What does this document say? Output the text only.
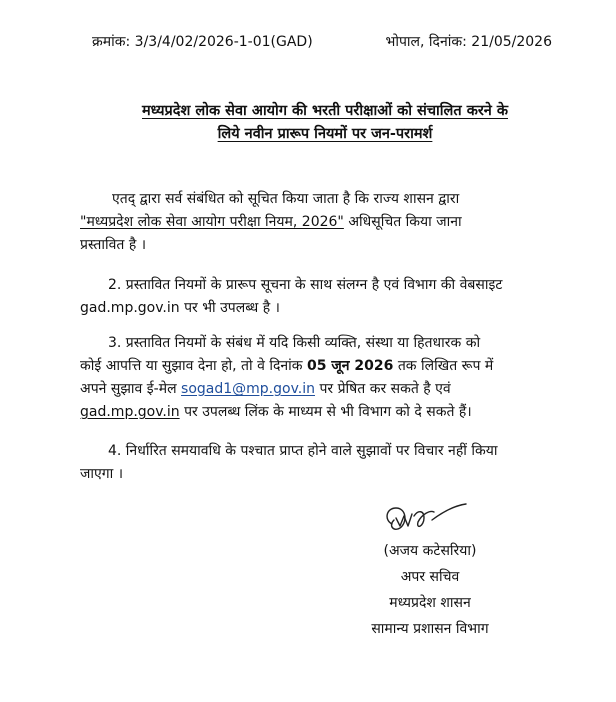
क्रमांक: 3/3/4/02/2026-1-01(GAD)	भोपाल, दिनांक: 21/05/2026
मध्यप्रदेश लोक सेवा आयोग की भरती परीक्षाओं को संचालित करने के
लिये नवीन प्रारूप नियमों पर जन-परामर्श
एतद् द्वारा सर्व संबंधित को सूचित किया जाता है कि राज्य शासन द्वारा
"मध्यप्रदेश लोक सेवा आयोग परीक्षा नियम, 2026" अधिसूचित किया जाना
प्रस्तावित है ।
2. प्रस्तावित नियमों के प्रारूप सूचना के साथ संलग्न है एवं विभाग की वेबसाइट
gad.mp.gov.in पर भी उपलब्ध है ।
3. प्रस्तावित नियमों के संबंध में यदि किसी व्यक्ति, संस्था या हितधारक को
कोई आपत्ति या सुझाव देना हो, तो वे दिनांक 05 जून 2026 तक लिखित रूप में
अपने सुझाव ई-मेल sogad1@mp.gov.in पर प्रेषित कर सकते है एवं
gad.mp.gov.in पर उपलब्ध लिंक के माध्यम से भी विभाग को दे सकते हैं।
4. निर्धारित समयावधि के पश्चात प्राप्त होने वाले सुझावों पर विचार नहीं किया
जाएगा ।
(अजय कटेसरिया)
अपर सचिव
मध्यप्रदेश शासन
सामान्य प्रशासन विभाग
